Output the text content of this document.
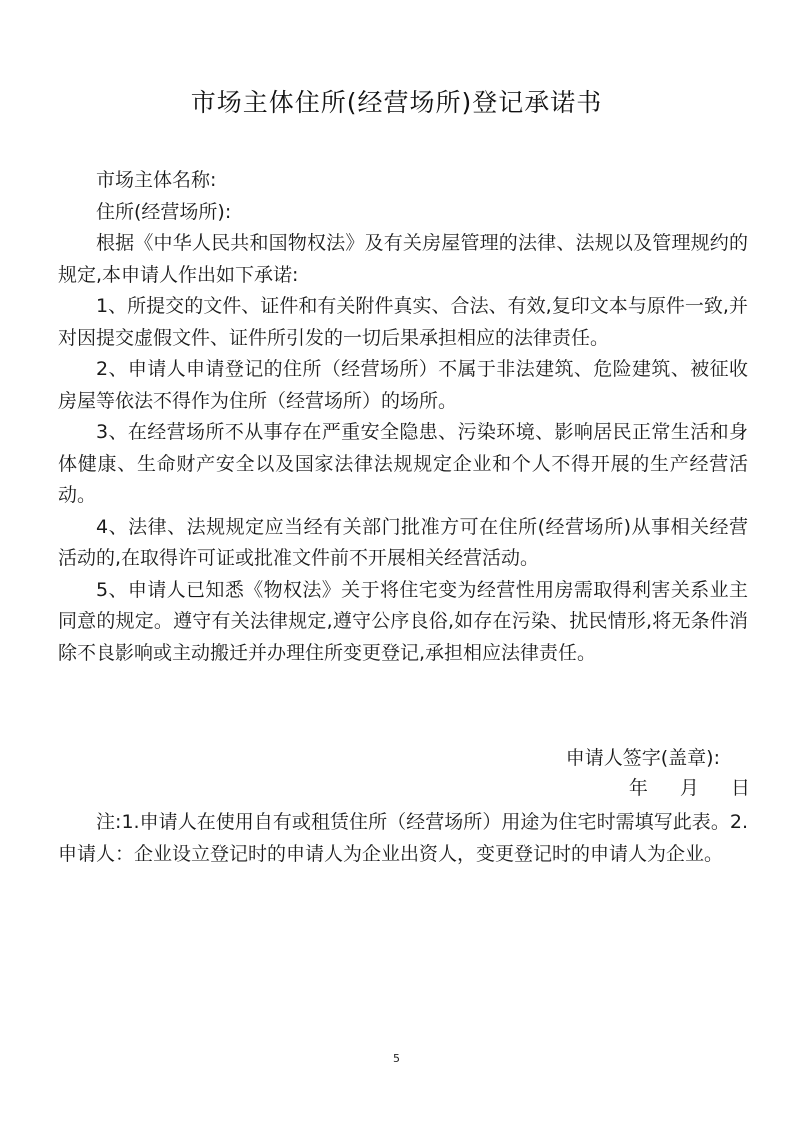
市场主体住所(经营场所)登记承诺书

市场主体名称:

住所(经营场所):

根据《中华人民共和国物权法》及有关房屋管理的法律、法规以及管理规约的规定,本申请人作出如下承诺:

1、所提交的文件、证件和有关附件真实、合法、有效,复印文本与原件一致,并对因提交虚假文件、证件所引发的一切后果承担相应的法律责任。

2、申请人申请登记的住所（经营场所）不属于非法建筑、危险建筑、被征收房屋等依法不得作为住所（经营场所）的场所。

3、在经营场所不从事存在严重安全隐患、污染环境、影响居民正常生活和身体健康、生命财产安全以及国家法律法规规定企业和个人不得开展的生产经营活动。

4、法律、法规规定应当经有关部门批准方可在住所(经营场所)从事相关经营活动的,在取得许可证或批准文件前不开展相关经营活动。

5、申请人已知悉《物权法》关于将住宅变为经营性用房需取得利害关系业主同意的规定。遵守有关法律规定,遵守公序良俗,如存在污染、扰民情形,将无条件消除不良影响或主动搬迁并办理住所变更登记,承担相应法律责任。

申请人签字(盖章):
年 月 日
注:1.申请人在使用自有或租赁住所（经营场所）用途为住宅时需填写此表。2.申请人：企业设立登记时的申请人为企业出资人，变更登记时的申请人为企业。
5
